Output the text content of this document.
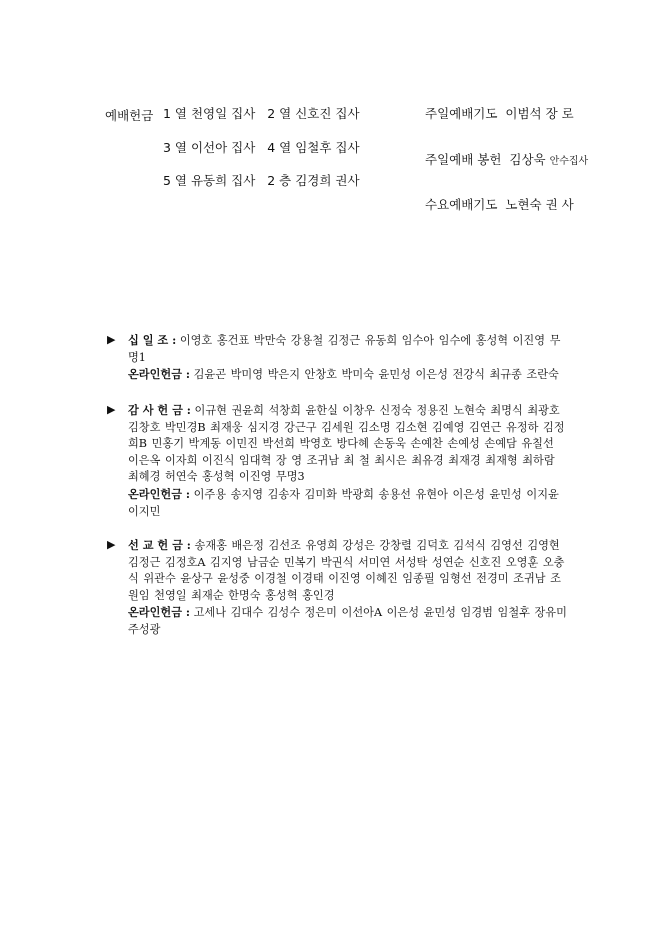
예배헌금 1 열 천영일 집사   2 열 신호진 집사
3 열 이선아 집사   4 열 임철후 집사
5 열 유동희 집사   2 층 김경희 권사
주일예배기도  이범석 장 로
주일예배 봉헌  김상욱 안수집사
수요예배기도  노현숙 권 사
▶ 십 일 조 : 이영호 홍건표 박만숙 강용철 김정근 유동희 임수아 임수에 홍성혁 이진영 무명1
온라인헌금 : 김윤곤 박미영 박은지 안창호 박미숙 윤민성 이은성 전강식 최규종 조란숙
▶ 감 사 헌 금 : 이규현 권윤희 석창희 윤한실 이창우 신정숙 정용진 노현숙 최명식 최광호 김창호 박민경B 최재웅 심지경 강근구 김세원 김소명 김소현 김예영 김연근 유정하 김정희B 민홍기 박계동 이민진 박선희 박영호 방다혜 손동욱 손예찬 손예성 손예담 유칠선 이은옥 이자희 이진식 임대혁 장 영 조귀남 최 철 최시은 최유경 최재경 최재형 최하람 최혜경 허연숙 홍성혁 이진영 무명3
온라인헌금 : 이주용 송지영 김송자 김미화 박광희 송용선 유현아 이은성 윤민성 이지윤 이지민
▶ 선 교 헌 금 : 송재홍 배은정 김선조 유영희 강성은 강창렬 김덕호 김석식 김영선 김영현 김정근 김정호A 김지영 남금순 민복기 박권식 서미연 서성탁 성연순 신호진 오영훈 오충식 위관수 윤상구 윤성중 이경철 이경태 이진영 이혜진 임종필 임형선 전경미 조귀남 조원임 천영일 최재순 한명숙 홍성혁 홍인경
온라인헌금 : 고세나 김대수 김성수 정은미 이선아A 이은성 윤민성 임경범 임철후 장유미 주성광
